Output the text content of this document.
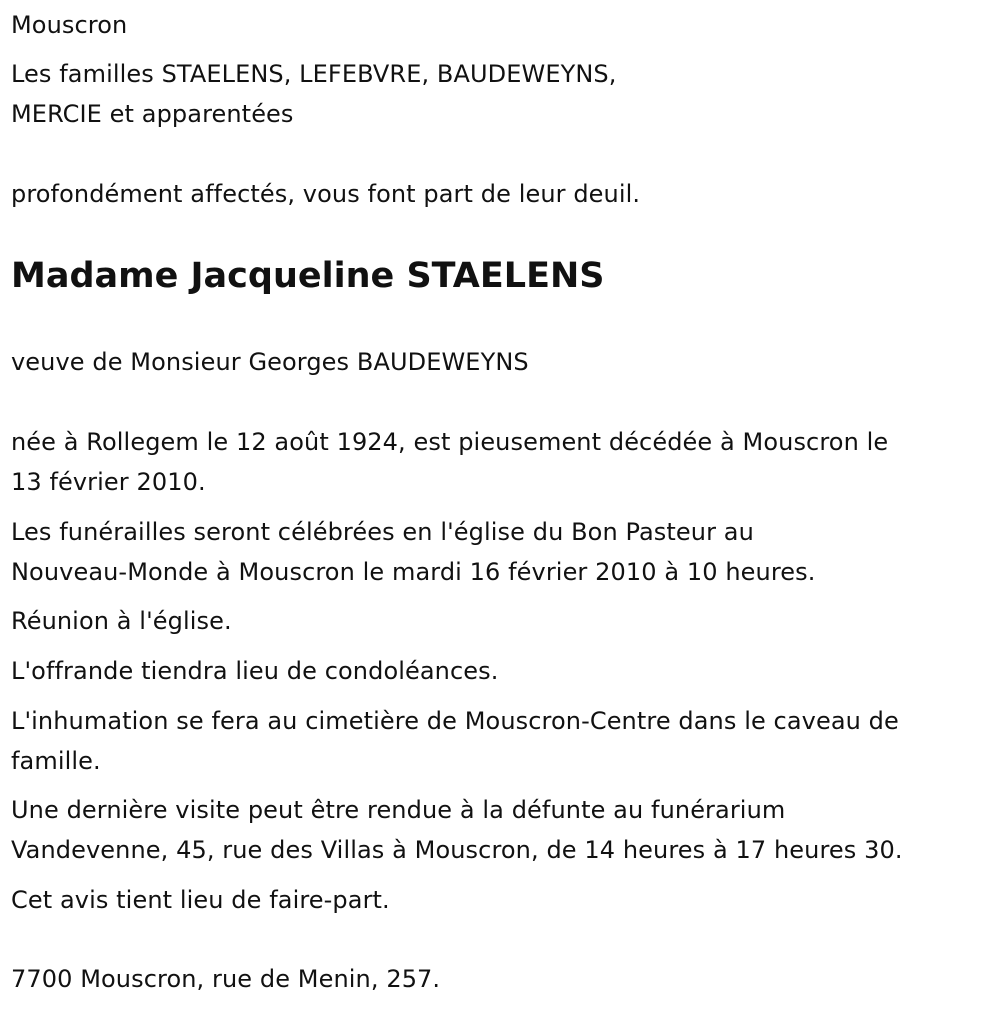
Mouscron
Les familles STAELENS, LEFEBVRE, BAUDEWEYNS,
MERCIE et apparentées
profondément affectés, vous font part de leur deuil.
Madame Jacqueline STAELENS
veuve de Monsieur Georges BAUDEWEYNS
née à Rollegem le 12 août 1924, est pieusement décédée à Mouscron le
13 février 2010.
Les funérailles seront célébrées en l'église du Bon Pasteur au
Nouveau-Monde à Mouscron le mardi 16 février 2010 à 10 heures.
Réunion à l'église.
L'offrande tiendra lieu de condoléances.
L'inhumation se fera au cimetière de Mouscron-Centre dans le caveau de
famille.
Une dernière visite peut être rendue à la défunte au funérarium
Vandevenne, 45, rue des Villas à Mouscron, de 14 heures à 17 heures 30.
Cet avis tient lieu de faire-part.
7700 Mouscron, rue de Menin, 257.
